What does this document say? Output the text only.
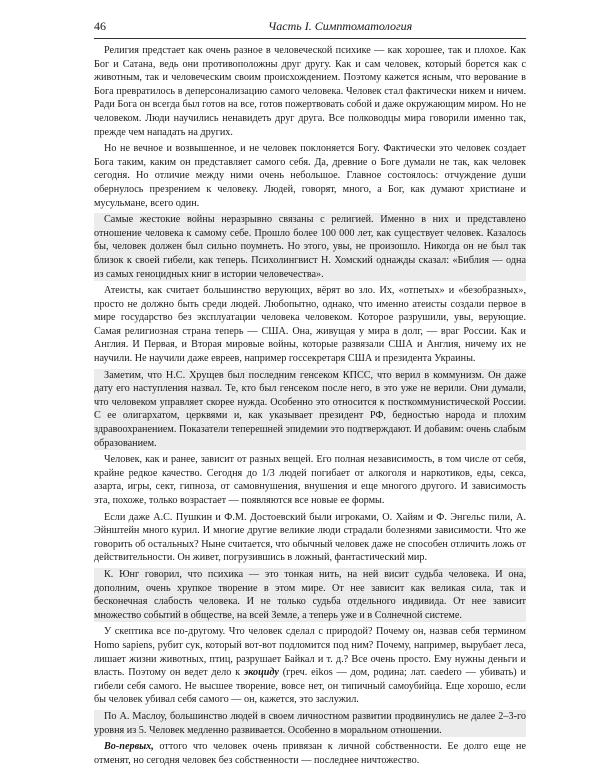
46	Часть I. Симптоматология

Религия предстает как очень разное в человеческой психике — как хорошее, так и плохое. Как Бог и Сатана, ведь они противоположны друг другу. Как и сам человек, который борется как с животным, так и человеческим своим происхождением. Поэтому кажется ясным, что верование в Бога превратилось в деперсонализацию самого человека. Человек стал фактически никем и ничем. Ради Бога он всегда был готов на все, готов пожертвовать собой и даже окружающим миром. Но не человеком. Люди научились ненавидеть друг друга. Все полководцы мира говорили именно так, прежде чем нападать на других.

Но не вечное и возвышенное, и не человек поклоняется Богу. Фактически это человек создает Бога таким, каким он представляет самого себя. Да, древние о Боге думали не так, как человек сегодня. Но отличие между ними очень небольшое. Главное состоялось: отчуждение души обернулось презрением к человеку. Людей, говорят, много, а Бог, как думают христиане и мусульмане, всего один.

Самые жестокие войны неразрывно связаны с религией. Именно в них и представлено отношение человека к самому себе. Прошло более 100 000 лет, как существует человек. Казалось бы, человек должен был сильно поумнеть. Но этого, увы, не произошло. Никогда он не был так близок к своей гибели, как теперь. Психолингвист Н. Хомский однажды сказал: «Библия — одна из самых геноцидных книг в истории человечества».

Атеисты, как считает большинство верующих, вёрят во зло. Их, «отпетых» и «безобразных», просто не должно быть среди людей. Любопытно, однако, что именно атеисты создали первое в мире государство без эксплуатации человека человеком. Которое разрушили, увы, верующие. Самая религиозная страна теперь — США. Она, живущая у мира в долг, — враг России. Как и Англия. И Первая, и Вторая мировые войны, которые развязали США и Англия, ничему их не научили. Не научили даже евреев, например госсекретаря США и президента Украины.

Заметим, что Н.С. Хрущев был последним генсеком КПСС, что верил в коммунизм. Он даже дату его наступления назвал. Те, кто был генсеком после него, в это уже не верили. Они думали, что человеком управляет скорее нужда. Особенно это относится к посткоммунистической России. С ее олигархатом, церквями и, как указывает президент РФ, бедностью народа и плохим здравоохранением. Показатели теперешней эпидемии это подтверждают. И добавим: очень слабым образованием.

Человек, как и ранее, зависит от разных вещей. Его полная независимость, в том числе от себя, крайне редкое качество. Сегодня до 1/3 людей погибает от алкоголя и наркотиков, еды, секса, азарта, игры, сект, гипноза, от самовнушения, внушения и еще многого другого. И зависимость эта, похоже, только возрастает — появляются все новые ее формы.

Если даже А.С. Пушкин и Ф.М. Достоевский были игроками, О. Хайям и Ф. Энгельс пили, А. Эйнштейн много курил. И многие другие великие люди страдали болезнями зависимости. Что же говорить об остальных? Ныне считается, что обычный человек даже не способен отличить ложь от действительности. Он живет, погрузившись в ложный, фантастический мир.

К. Юнг говорил, что психика — это тонкая нить, на ней висит судьба человека. И она, дополним, очень хрупкое творение в этом мире. От нее зависит как великая сила, так и бесконечная слабость человека. И не только судьба отдельного индивида. От нее зависит множество событий в обществе, на всей Земле, а теперь уже и в Солнечной системе.

У скептика все по-другому. Что человек сделал с природой? Почему он, назвав себя термином Homo sapiens, рубит сук, который вот-вот подломится под ним? Почему, например, вырубает леса, лишает жизни животных, птиц, разрушает Байкал и т. д.? Все очень просто. Ему нужны деньги и власть. Поэтому он ведет дело к экоциду (греч. eikos — дом, родина; лат. caedero — убивать) и гибели себя самого. Не высшее творение, вовсе нет, он типичный самоубийца. Еще хорошо, если бы человек убивал себя самого — он, кажется, это заслужил.

По А. Маслоу, большинство людей в своем личностном развитии продвинулись не далее 2–3-го уровня из 5. Человек медленно развивается. Особенно в моральном отношении.

Во-первых, оттого что человек очень привязан к личной собственности. Ее долго еще не отменят, но сегодня человек без собственности — последнее ничтожество.
